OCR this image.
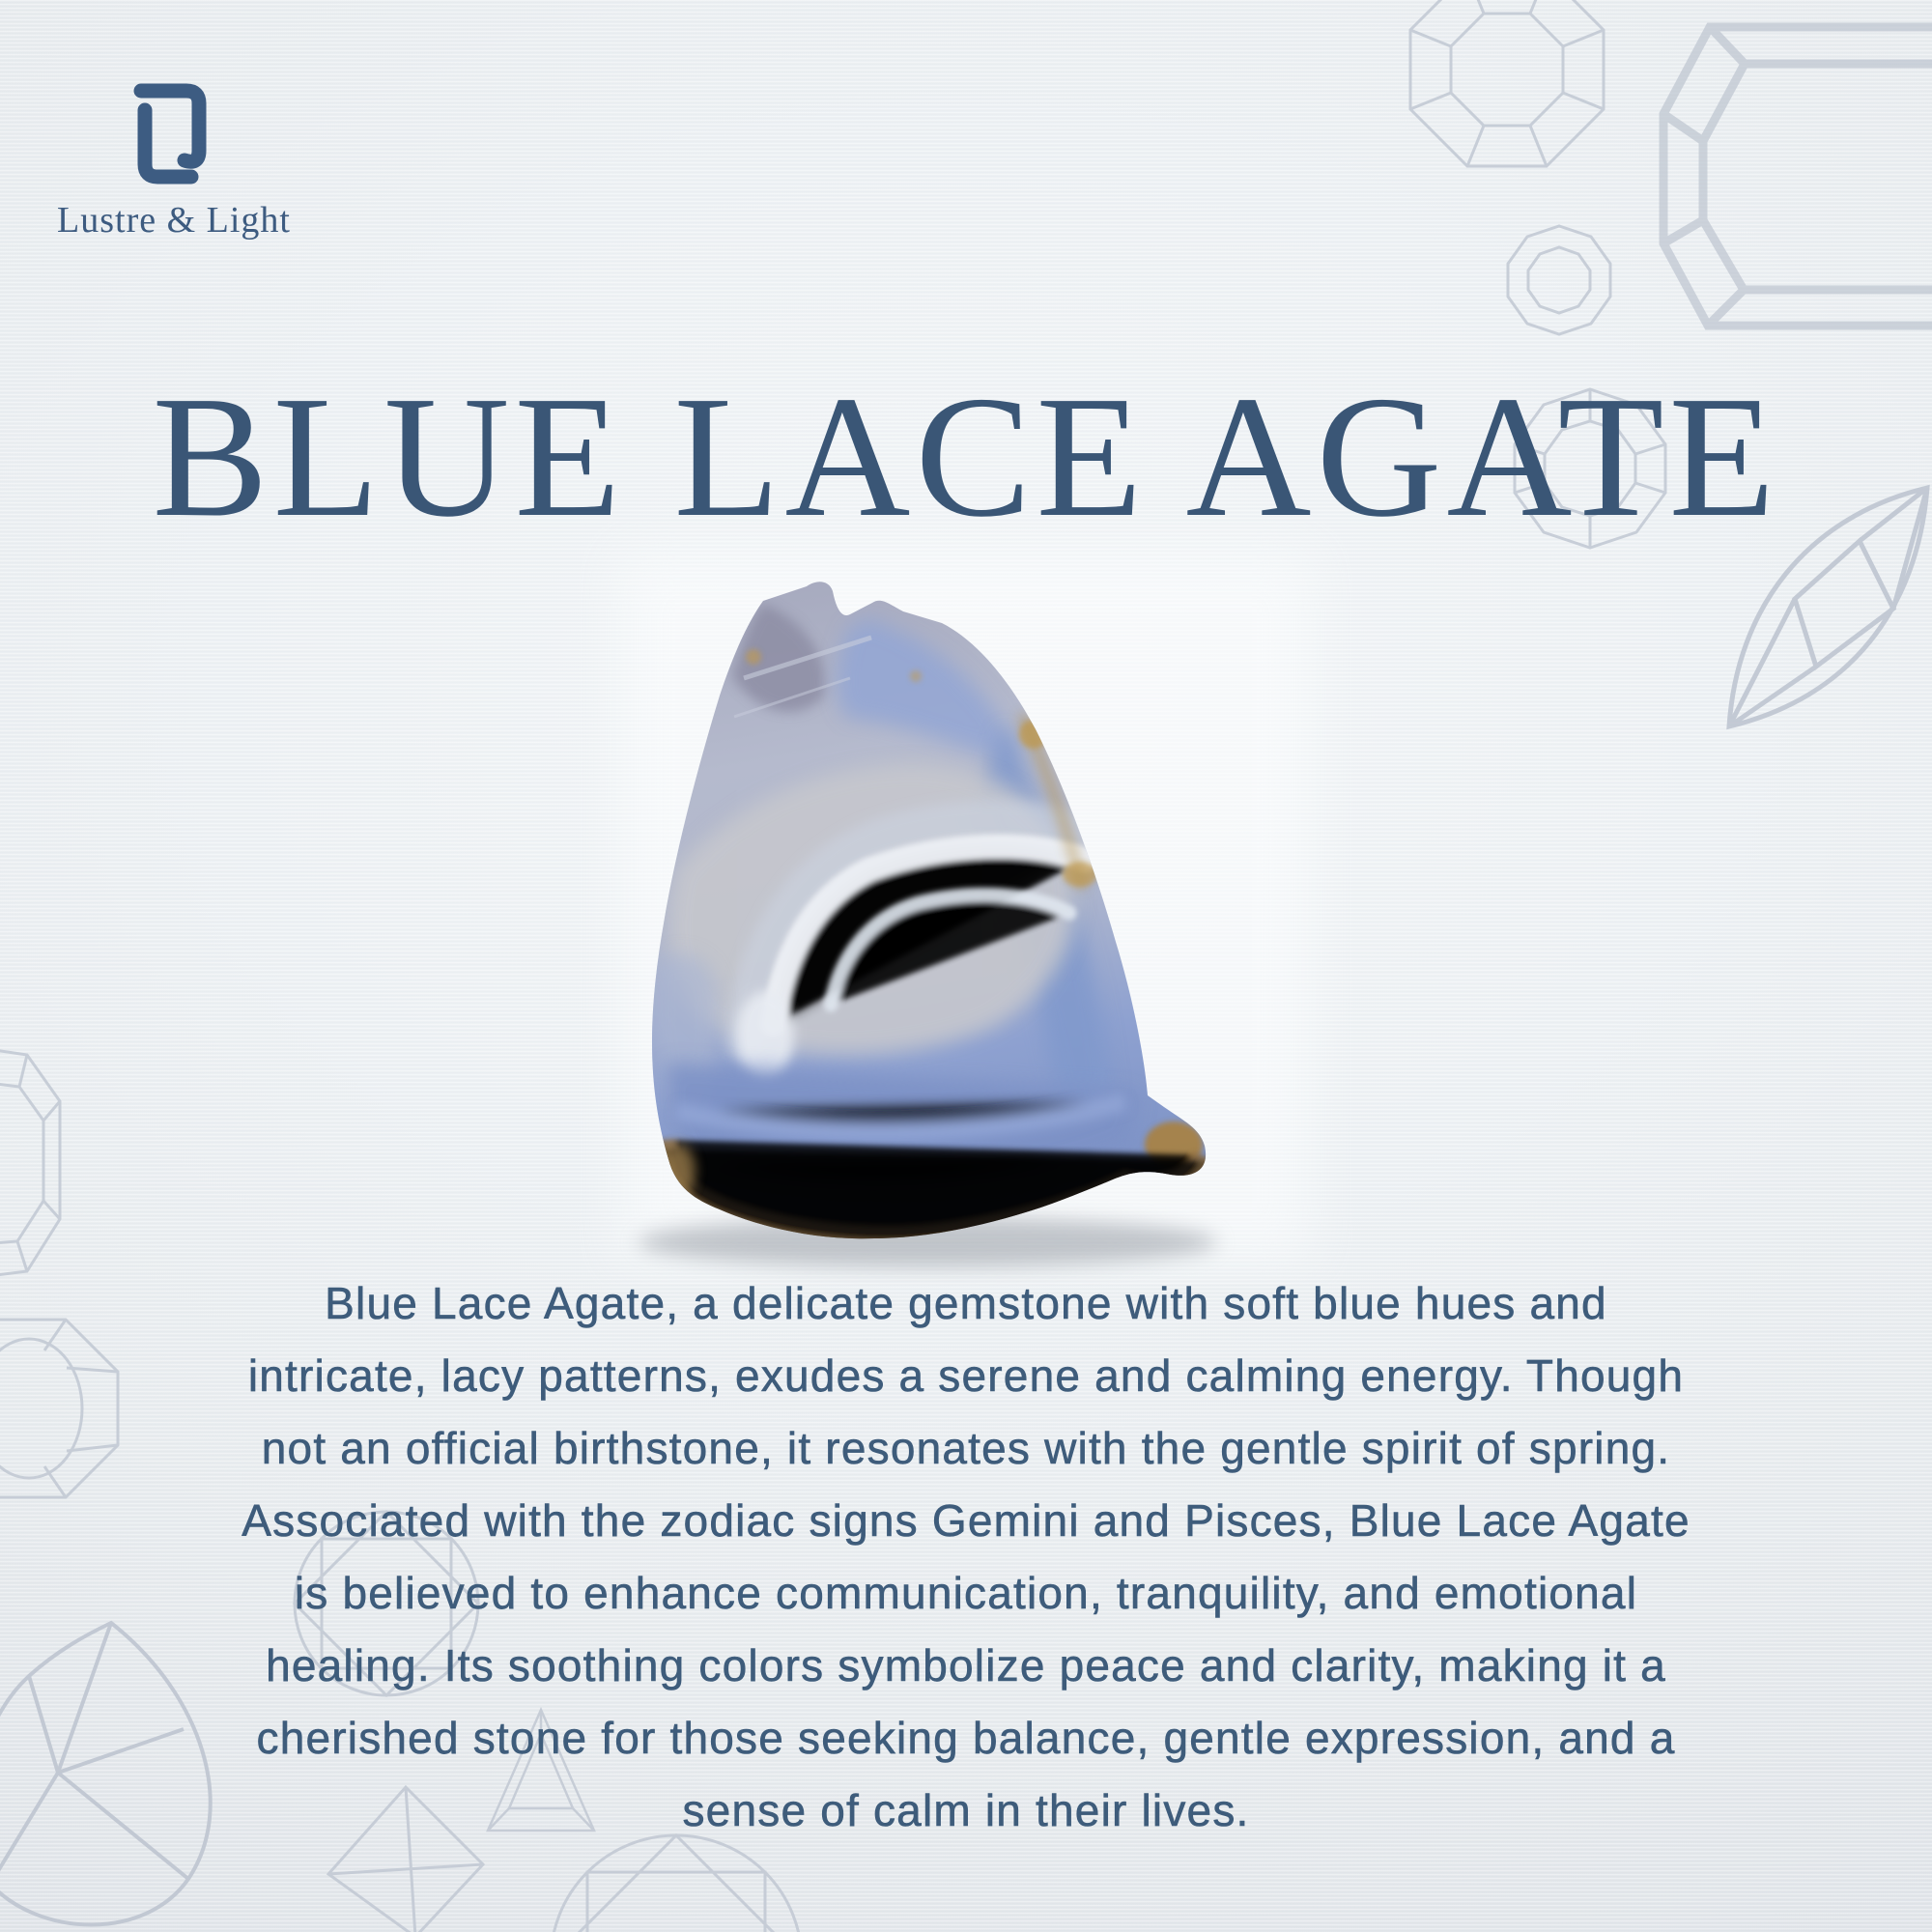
Lustre & Light
BLUE LACE AGATE
Blue Lace Agate, a delicate gemstone with soft blue hues and
intricate, lacy patterns, exudes a serene and calming energy. Though
not an official birthstone, it resonates with the gentle spirit of spring.
Associated with the zodiac signs Gemini and Pisces, Blue Lace Agate
is believed to enhance communication, tranquility, and emotional
healing. Its soothing colors symbolize peace and clarity, making it a
cherished stone for those seeking balance, gentle expression, and a
sense of calm in their lives.
